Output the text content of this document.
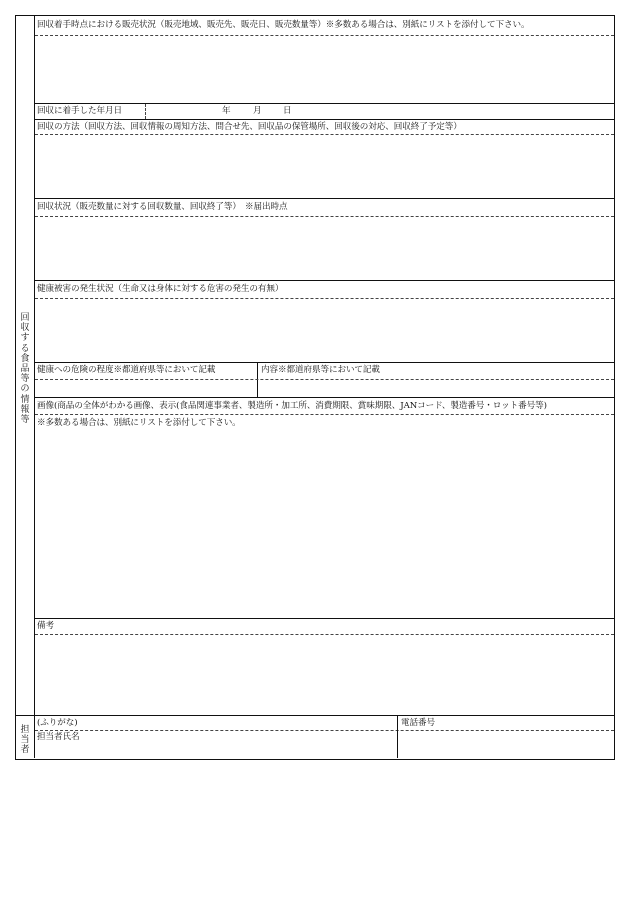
回
収
す
る
食
品
等
の
情
報
等
担
当
者
回収着手時点における販売状況（販売地域、販売先、販売日、販売数量等）※多数ある場合は、別紙にリストを添付して下さい。
回収に着手した年月日	年	月	日
回収の方法（回収方法、回収情報の周知方法、問合せ先、回収品の保管場所、回収後の対応、回収終了予定等）
回収状況（販売数量に対する回収数量、回収終了等）　※届出時点
健康被害の発生状況（生命又は身体に対する危害の発生の有無）
健康への危険の程度※都道府県等において記載	内容※都道府県等において記載
画像(商品の全体がわかる画像、表示(食品関連事業者、製造所・加工所、消費期限、賞味期限、JANコード、製造番号・ロット番号等)
※多数ある場合は、別紙にリストを添付して下さい。
備考
(ふりがな)
担当者氏名
電話番号
